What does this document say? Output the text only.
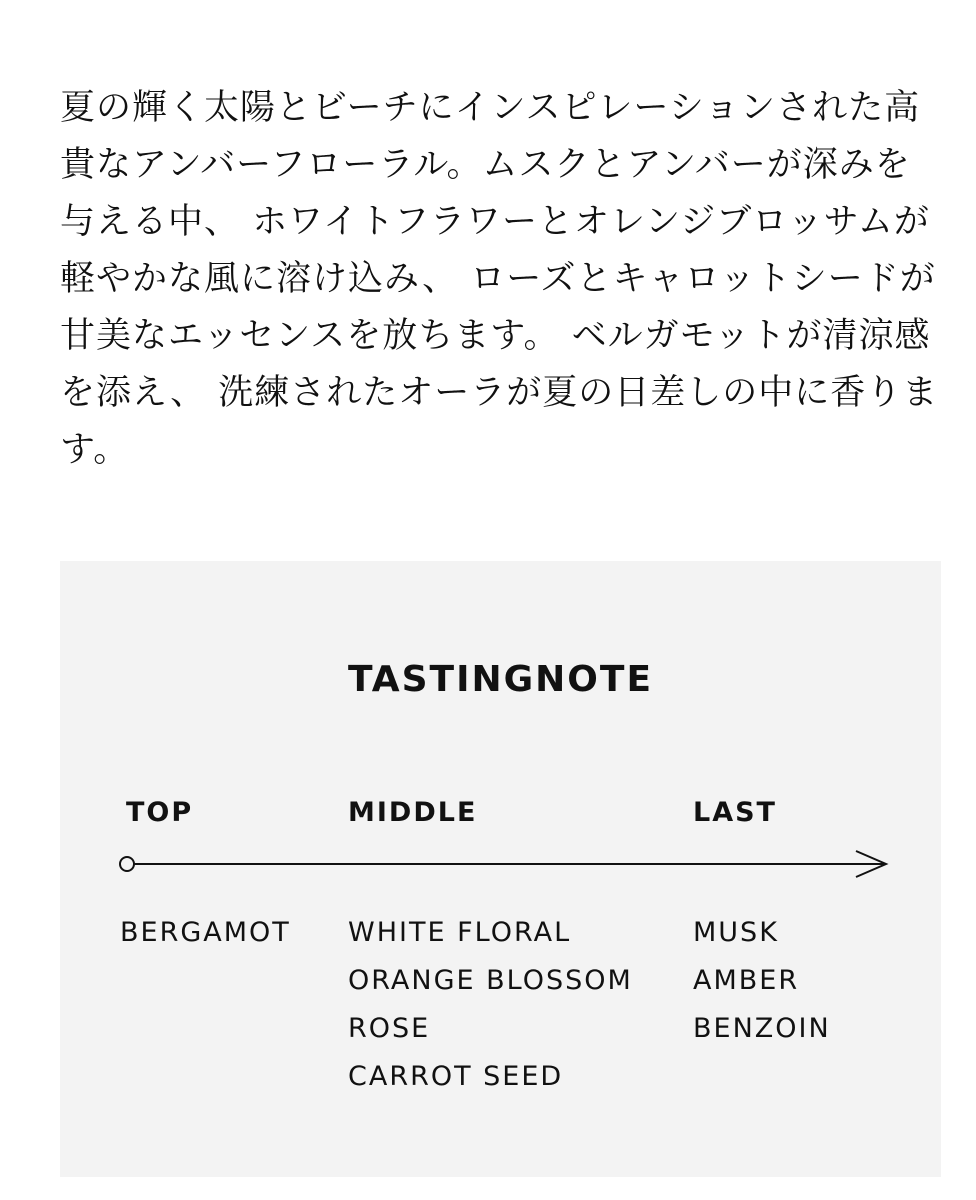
夏の輝く太陽とビーチにインスピレーションされた高貴なアンバーフローラル。ムスクとアンバーが深みを与える中、 ホワイトフラワーとオレンジブロッサムが軽やかな風に溶け込み、 ローズとキャロットシードが甘美なエッセンスを放ちます。 ベルガモットが清涼感を添え、 洗練されたオーラが夏の日差しの中に香ります。

TASTINGNOTE
TOP	MIDDLE	LAST
BERGAMOT WHITE FLORAL
ORANGE BLOSSOM
ROSE
CARROT SEED
MUSK
AMBER
BENZOIN
